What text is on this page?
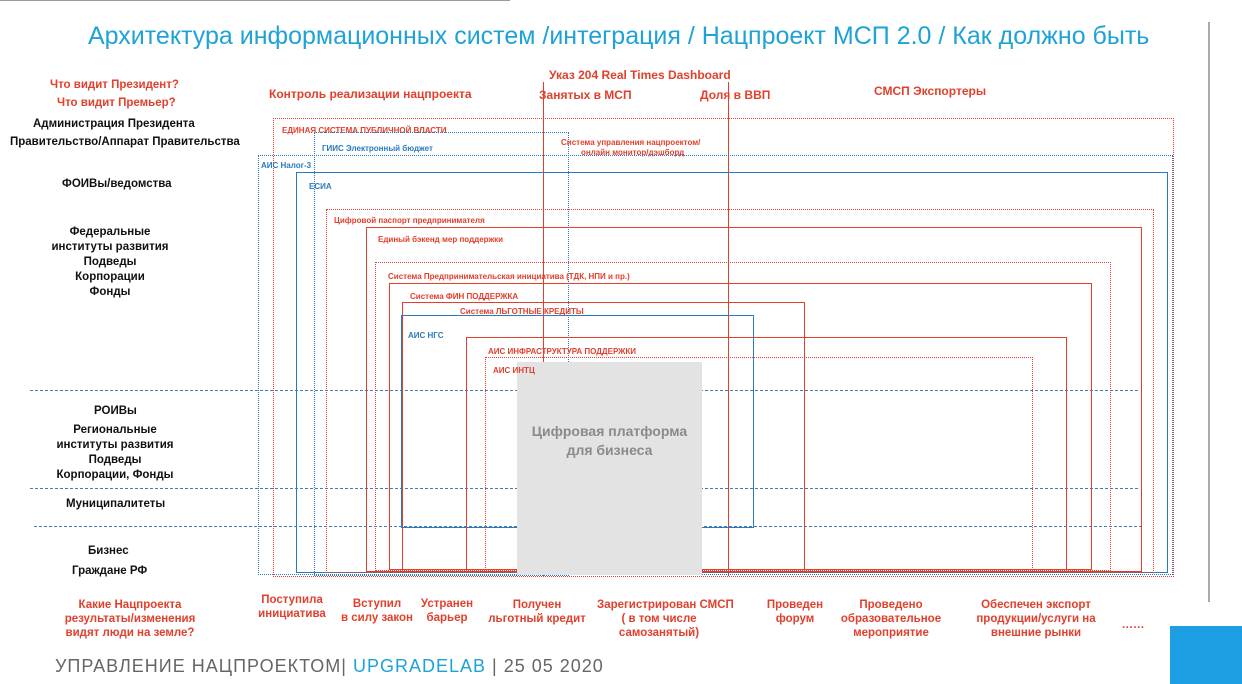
Архитектура информационных систем /интеграция / Нацпроект МСП 2.0 / Как должно быть
Что видит Президент?
Что видит Премьер?
Администрация Президента
Правительство/Аппарат Правительства
ФОИВы/ведомства
Федеральные
институты развития
Подведы
Корпорации
Фонды
РОИВы
Региональные
институты развития
Подведы
Корпорации, Фонды
Муниципалитеты
Бизнес
Граждане РФ
Контроль реализации нацпроекта
Указ 204 Real Times Dashboard
Занятых в МСП	Доля в ВВП	СМСП Экспортеры
ЕДИНАЯ СИСТЕМА ПУБЛИЧНОЙ ВЛАСТИ
ГИИС Электронный бюджет
Система управления нацпроектом/
онлайн монитор/дэшборд
АИС Налог-3
ЕСИА
Цифровой паспорт предпринимателя
Единый бэкенд мер поддержки
Система Предпринимательская инициатива (ТДК, НПИ и пр.)
Система ФИН ПОДДЕРЖКА
Система ЛЬГОТНЫЕ КРЕДИТЫ
АИС НГС
АИС ИНФРАСТРУКТУРА ПОДДЕРЖКИ
АИС ИНТЦ
Цифровая платформа
для бизнеса
Какие Нацпроекта
результаты/изменения
видят люди на земле?
Поступила
инициатива
Вступил
в силу закон
Устранен
барьер
Получен
льготный кредит
Зарегистрирован СМСП
( в том числе
самозанятый)
Проведен
форум
Проведено
образовательное
мероприятие
Обеспечен экспорт
продукции/услуги на
внешние рынки
……
УПРАВЛЕНИЕ НАЦПРОЕКТОМ| UPGRADELAB | 25 05 2020
